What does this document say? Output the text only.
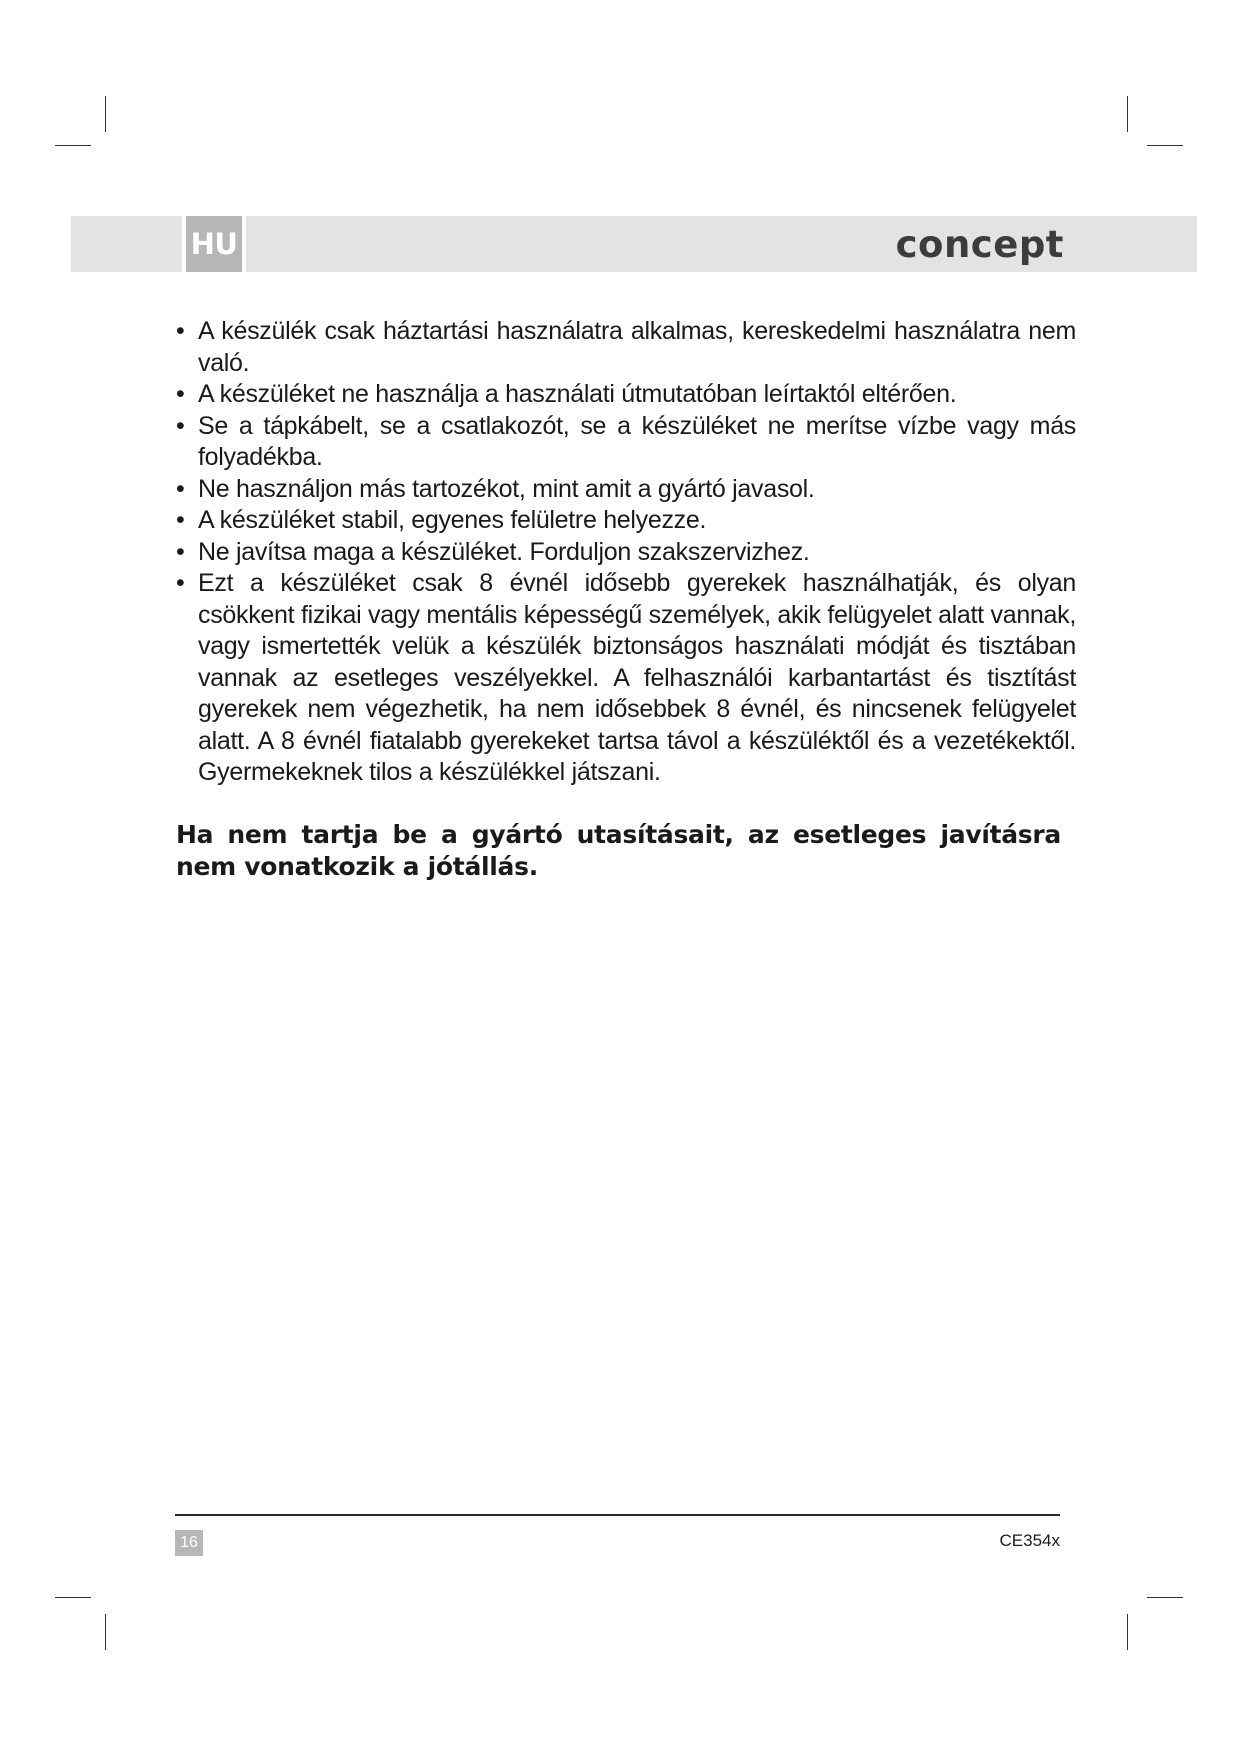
HU	concept
• A készülék csak háztartási használatra alkalmas, kereskedelmi használatra nem való.
• A készüléket ne használja a használati útmutatóban leírtaktól eltérően.
• Se a tápkábelt, se a csatlakozót, se a készüléket ne merítse vízbe vagy más folyadékba.
• Ne használjon más tartozékot, mint amit a gyártó javasol.
• A készüléket stabil, egyenes felületre helyezze.
• Ne javítsa maga a készüléket. Forduljon szakszervizhez.
• Ezt a készüléket csak 8 évnél idősebb gyerekek használhatják, és olyan csökkent fizikai vagy mentális képességű személyek, akik felügyelet alatt vannak, vagy ismertették velük a készülék biztonságos használati módját és tisztában vannak az esetleges veszélyekkel. A felhasználói karbantartást és tisztítást gyerekek nem végezhetik, ha nem idősebbek 8 évnél, és nincsenek felügyelet alatt. A 8 évnél fiatalabb gyerekeket tartsa távol a készüléktől és a vezetékektől. Gyermekeknek tilos a készülékkel játszani.
Ha nem tartja be a gyártó utasításait, az esetleges javításra nem vonatkozik a jótállás.
16	CE354x
